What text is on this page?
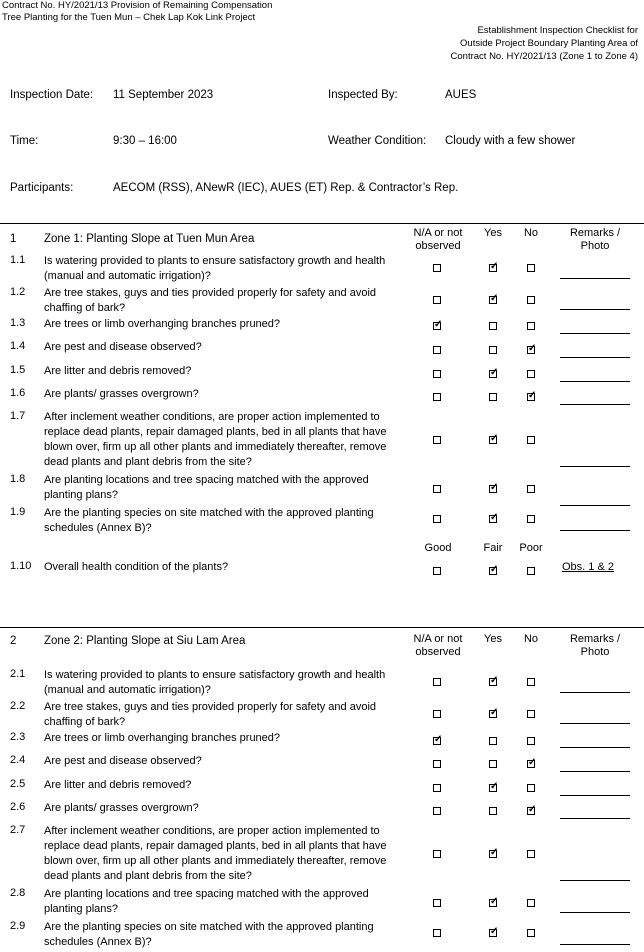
Contract No. HY/2021/13 Provision of Remaining Compensation
Tree Planting for the Tuen Mun – Chek Lap Kok Link Project
Establishment Inspection Checklist for
Outside Project Boundary Planting Area of
Contract No. HY/2021/13 (Zone 1 to Zone 4)
Inspection Date: 11 September 2023	Inspected By:	AUES
Time:	9:30 – 16:00	Weather Condition: Cloudy with a few shower
Participants:	AECOM (RSS), ANewR (IEC), AUES (ET) Rep. & Contractor’s Rep.
1 Zone 1: Planting Slope at Tuen Mun Area	N/A or not observed
Yes	No	Remarks / Photo
Good	Fair	Poor
1.1 Is watering provided to plants to ensure satisfactory growth and health
(manual and automatic irrigation)?
✓
1.2 Are tree stakes, guys and ties provided properly for safety and avoid
chaffing of bark?
✓
1.3 Are trees or limb overhanging branches pruned?
✓
1.4 Are pest and disease observed?
✓
1.5 Are litter and debris removed?
✓
1.6 Are plants/ grasses overgrown?
✓
1.7 After inclement weather conditions, are proper action implemented to
replace dead plants, repair damaged plants, bed in all plants that have
blown over, firm up all other plants and immediately thereafter, remove
dead plants and plant debris from the site?
✓
1.8 Are planting locations and tree spacing matched with the approved
planting plans?
✓
1.9 Are the planting species on site matched with the approved planting
schedules (Annex B)?
✓
1.10 Overall health condition of the plants?
✓	Obs. 1 & 2
2 Zone 2: Planting Slope at Siu Lam Area	N/A or not observed
Yes	No	Remarks / Photo
2.1 Is watering provided to plants to ensure satisfactory growth and health
(manual and automatic irrigation)?
✓
2.2 Are tree stakes, guys and ties provided properly for safety and avoid
chaffing of bark?
✓
2.3 Are trees or limb overhanging branches pruned?
✓
2.4 Are pest and disease observed?
✓
2.5 Are litter and debris removed?
✓
2.6 Are plants/ grasses overgrown?
✓
2.7 After inclement weather conditions, are proper action implemented to
replace dead plants, repair damaged plants, bed in all plants that have
blown over, firm up all other plants and immediately thereafter, remove
dead plants and plant debris from the site?
✓
2.8 Are planting locations and tree spacing matched with the approved
planting plans?
✓
2.9 Are the planting species on site matched with the approved planting
schedules (Annex B)?
✓
